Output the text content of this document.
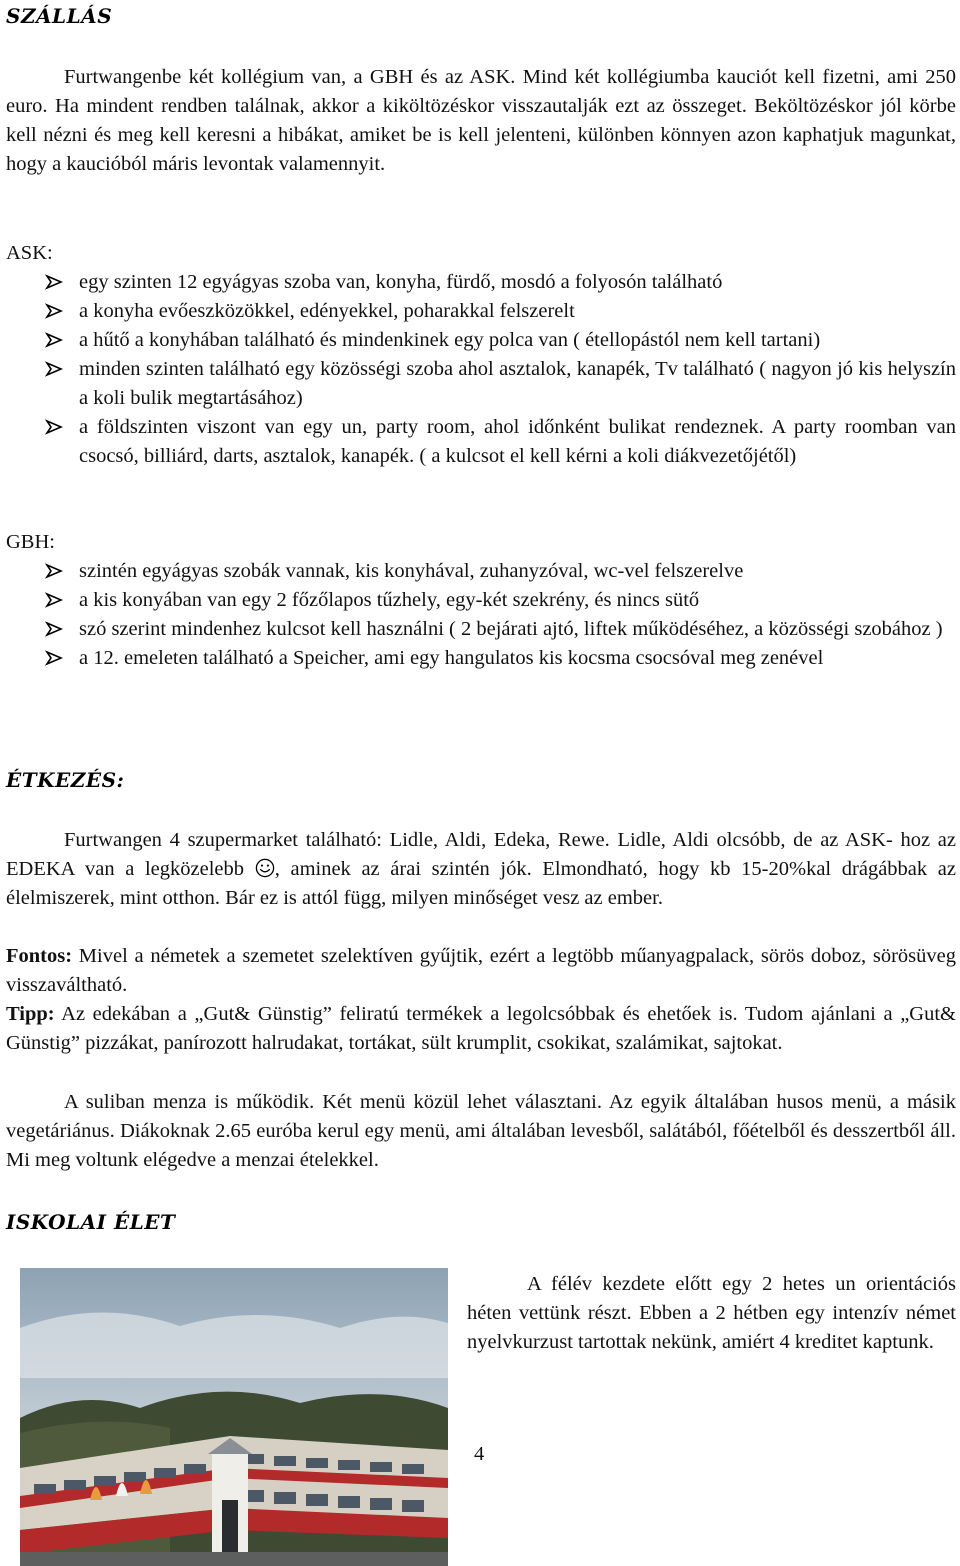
SZÁLLÁS

Furtwangenbe két kollégium van, a GBH és az ASK. Mind két kollégiumba kauciót kell fizetni, ami 250 euro. Ha mindent rendben találnak, akkor a kiköltözéskor visszautalják ezt az összeget. Beköltözéskor jól körbe kell nézni és meg kell keresni a hibákat, amiket be is kell jelenteni, különben könnyen azon kaphatjuk magunkat, hogy a kaucióból máris levontak valamennyit.

ASK:

egy szinten 12 egyágyas szoba van, konyha, fürdő, mosdó a folyosón található
a konyha evőeszközökkel, edényekkel, poharakkal felszerelt
a hűtő a konyhában található és mindenkinek egy polca van ( étellopástól nem kell tartani)
minden szinten található egy közösségi szoba ahol asztalok, kanapék, Tv található ( nagyon jó kis helyszín a koli bulik megtartásához)
a földszinten viszont van egy un, party room, ahol időnként bulikat rendeznek. A party roomban van csocsó, billiárd, darts, asztalok, kanapék. ( a kulcsot el kell kérni a koli diákvezetőjétől)

GBH:

szintén egyágyas szobák vannak, kis konyhával, zuhanyzóval, wc-vel felszerelve
a kis konyában van egy 2 főzőlapos tűzhely, egy-két szekrény, és nincs sütő
szó szerint mindenhez kulcsot kell használni ( 2 bejárati ajtó, liftek működéséhez, a közösségi szobához )
a 12. emeleten található a Speicher, ami egy hangulatos kis kocsma csocsóval meg zenével
ÉTKEZÉS:

Furtwangen 4 szupermarket található: Lidle, Aldi, Edeka, Rewe. Lidle, Aldi olcsóbb, de az ASK- hoz az EDEKA van a legközelebb , aminek az árai szintén jók. Elmondható, hogy kb 15-20%kal drágábbak az élelmiszerek, mint otthon. Bár ez is attól függ, milyen minőséget vesz az ember.

Fontos: Mivel a németek a szemetet szelektíven gyűjtik, ezért a legtöbb műanyagpalack, sörös doboz, sörösüveg visszaváltható.

Tipp: Az edekában a „Gut& Günstig” feliratú termékek a legolcsóbbak és ehetőek is. Tudom ajánlani a „Gut& Günstig” pizzákat, panírozott halrudakat, tortákat, sült krumplit, csokikat, szalámikat, sajtokat.

A suliban menza is működik. Két menü közül lehet választani. Az egyik általában husos menü, a másik vegetáriánus. Diákoknak 2.65 euróba kerul egy menü, ami általában levesből, salátából, főételből és desszertből áll. Mi meg voltunk elégedve a menzai ételekkel.

ISKOLAI ÉLET

A félév kezdete előtt egy 2 hetes un orientációs héten vettünk részt. Ebben a 2 hétben egy intenzív német nyelvkurzust tartottak nekünk, amiért 4 kreditet kaptunk.

4
